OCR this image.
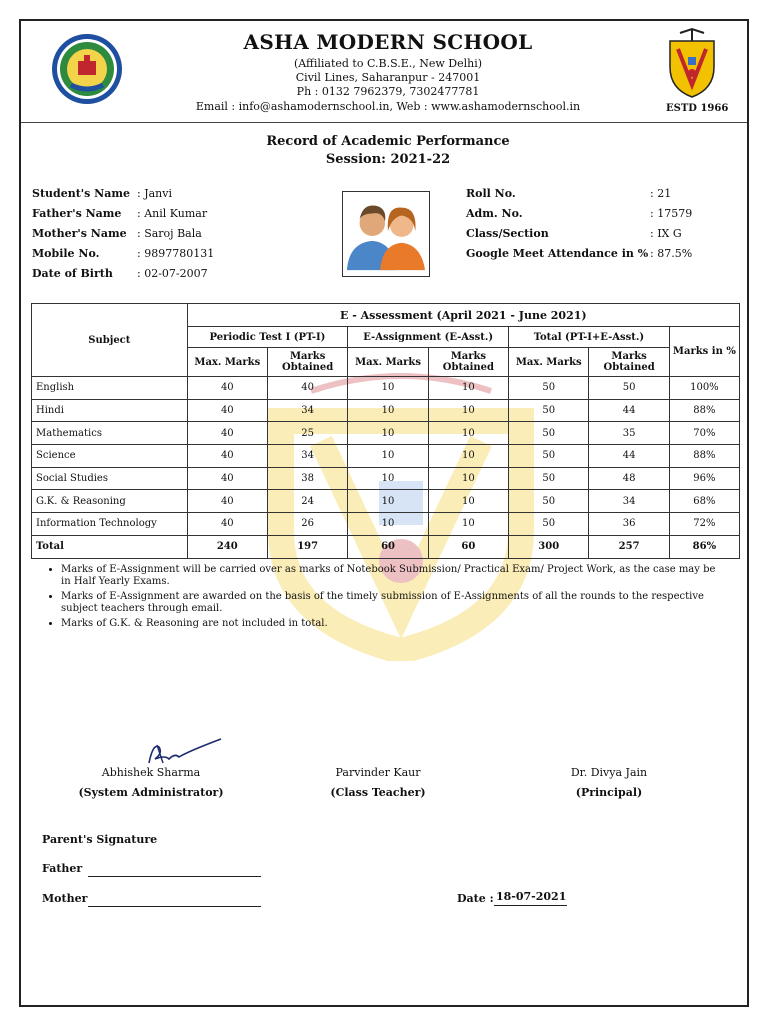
ASHA MODERN SCHOOL
(Affiliated to C.B.S.E., New Delhi)
Civil Lines, Saharanpur - 247001
Ph : 0132 7962379, 7302477781
Email : info@ashamodernschool.in, Web : www.ashamodernschool.in	ESTD 1966
Record of Academic Performance
Session: 2021-22
Student's Name : Janvi
Father's Name : Anil Kumar
Mother's Name : Saroj Bala
Mobile No.	: 9897780131
Date of Birth : 02-07-2007
Roll No.	: 21
Adm. No.	: 17579
Class/Section	: IX G
Google Meet Attendance in % : 87.5%
Subject	E - Assessment (April 2021 - June 2021)						
	Periodic Test I (PT-I)		E-Assignment (E-Asst.)		Total (PT-I+E-Asst.)		Marks in %
	Max. Marks	Marks Obtained	Max. Marks	Marks Obtained	Max. Marks	Marks Obtained	
English	40	40	10	10	50	50	100%
Hindi	40	34	10	10	50	44	88%
Mathematics	40	25	10	10	50	35	70%
Science	40	34	10	10	50	44	88%
Social Studies	40	38	10	10	50	48	96%
G.K. & Reasoning	40	24	10	10	50	34	68%
Information Technology	40	26	10	10	50	36	72%
Total	240	197	60	60	300	257	86%
• Marks of E-Assignment will be carried over as marks of Notebook Submission/ Practical Exam/ Project Work, as the case may be in Half Yearly Exams.
• Marks of E-Assignment are awarded on the basis of the timely submission of E-Assignments of all the rounds to the respective subject teachers through email.
• Marks of G.K. & Reasoning are not included in total.
Abhishek Sharma
(System Administrator)
Parvinder Kaur
(Class Teacher)
Dr. Divya Jain
(Principal)
Parent's Signature
Father
Mother	Date : 18-07-2021
